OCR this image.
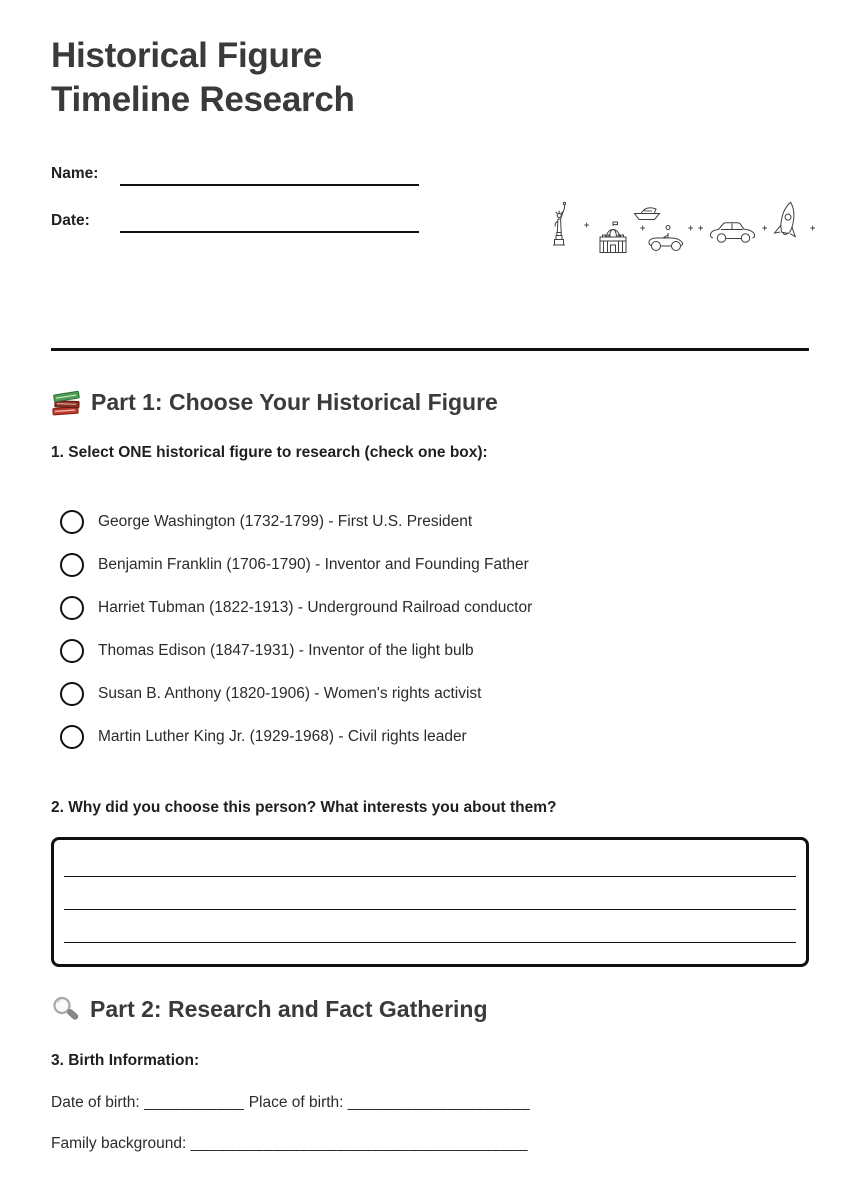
Historical Figure
Timeline Research
+	+	+ +	+	+
Name:
Date:
Part 1: Choose Your Historical Figure

1. Select ONE historical figure to research (check one box):

George Washington (1732-1799) - First U.S. President
Benjamin Franklin (1706-1790) - Inventor and Founding Father
Harriet Tubman (1822-1913) - Underground Railroad conductor
Thomas Edison (1847-1931) - Inventor of the light bulb
Susan B. Anthony (1820-1906) - Women's rights activist
Martin Luther King Jr. (1929-1968) - Civil rights leader

2. Why did you choose this person? What interests you about them?

Part 2: Research and Fact Gathering

3. Birth Information:

Date of birth: ___________ Place of birth: ____________________

Family background: _____________________________________
